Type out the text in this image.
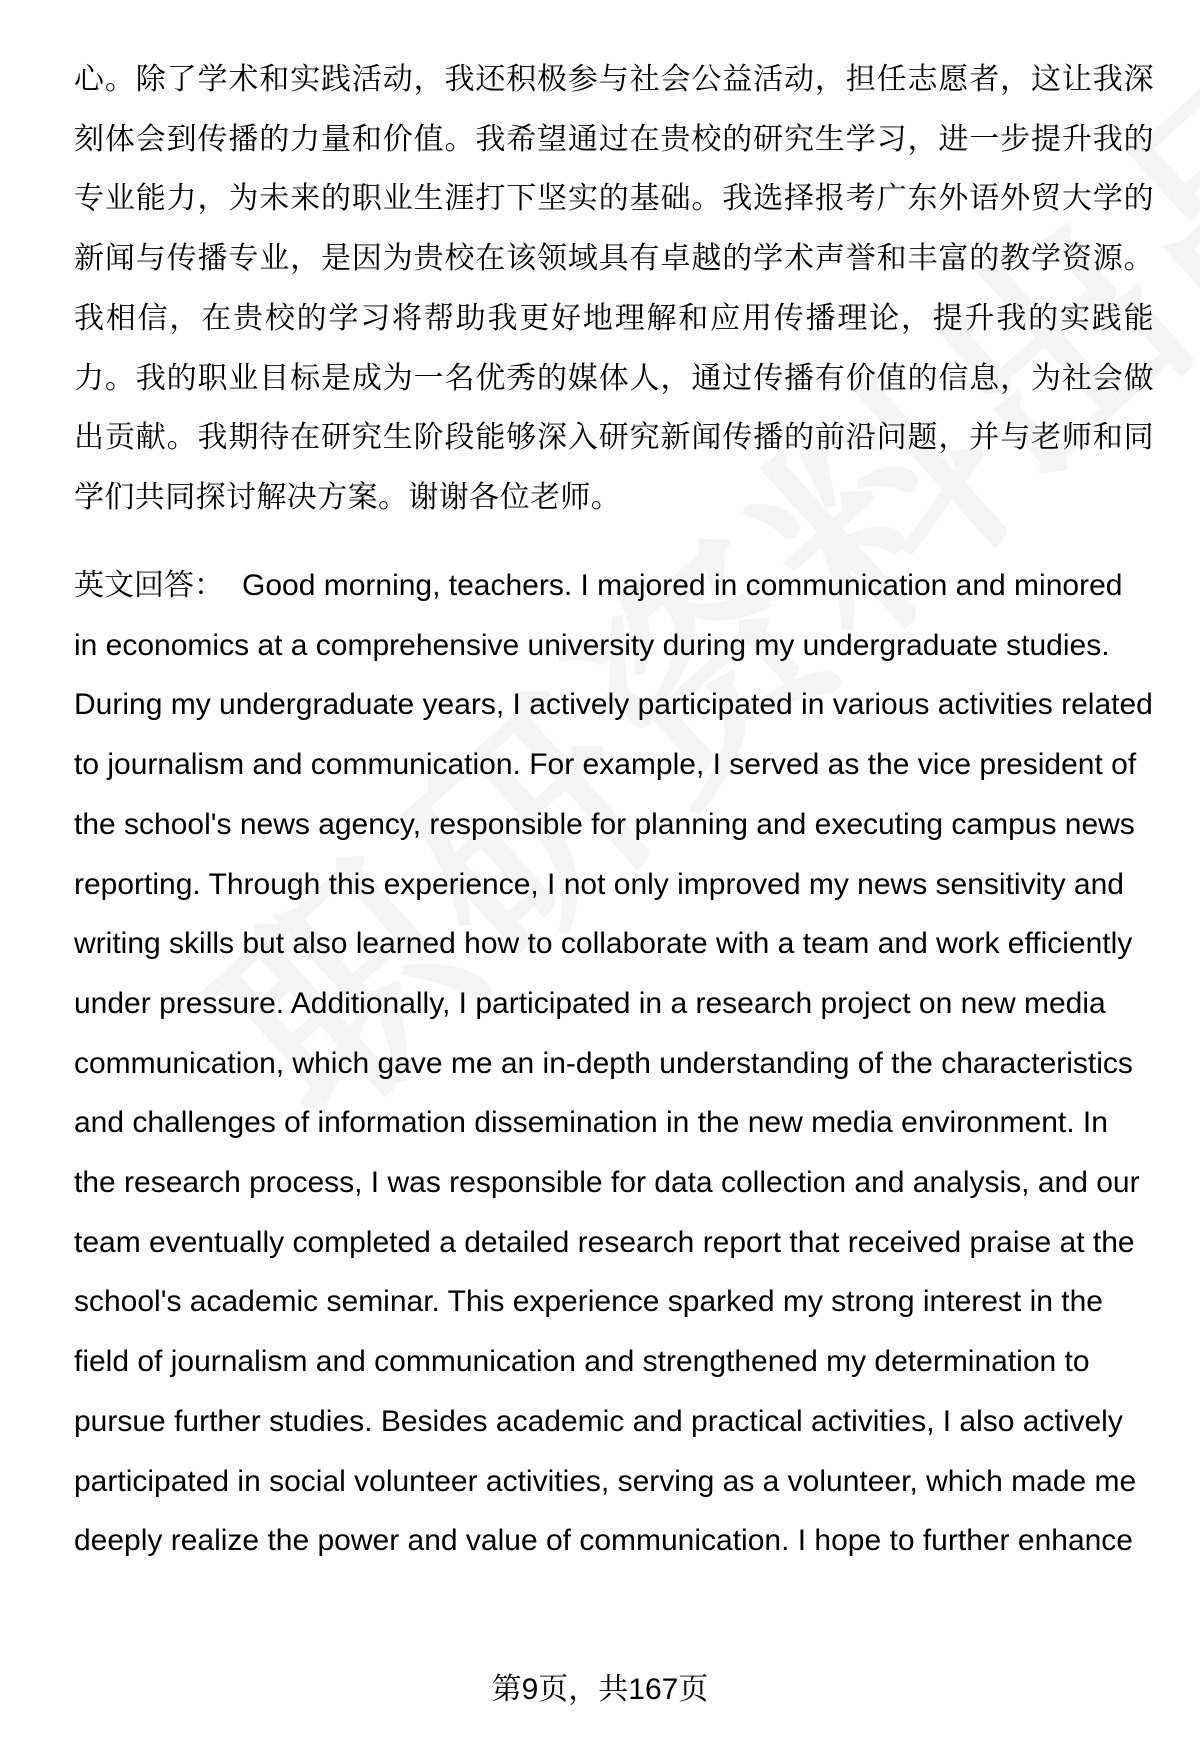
心。除了学术和实践活动，我还积极参与社会公益活动，担任志愿者，这让我深刻体会到传播的力量和价值。我希望通过在贵校的研究生学习，进一步提升我的专业能力，为未来的职业生涯打下坚实的基础。我选择报考广东外语外贸大学的新闻与传播专业，是因为贵校在该领域具有卓越的学术声誉和丰富的教学资源。我相信，在贵校的学习将帮助我更好地理解和应用传播理论，提升我的实践能力。我的职业目标是成为一名优秀的媒体人，通过传播有价值的信息，为社会做出贡献。我期待在研究生阶段能够深入研究新闻传播的前沿问题，并与老师和同学们共同探讨解决方案。谢谢各位老师。

英文回答： Good morning, teachers. I majored in communication and minored in economics at a comprehensive university during my undergraduate studies. During my undergraduate years, I actively participated in various activities related to journalism and communication. For example, I served as the vice president of the school's news agency, responsible for planning and executing campus news reporting. Through this experience, I not only improved my news sensitivity and writing skills but also learned how to collaborate with a team and work efficiently under pressure. Additionally, I participated in a research project on new media communication, which gave me an in-depth understanding of the characteristics and challenges of information dissemination in the new media environment. In the research process, I was responsible for data collection and analysis, and our team eventually completed a detailed research report that received praise at the school's academic seminar. This experience sparked my strong interest in the field of journalism and communication and strengthened my determination to pursue further studies. Besides academic and practical activities, I also actively participated in social volunteer activities, serving as a volunteer, which made me deeply realize the power and value of communication. I hope to further enhance

第9页，共167页
